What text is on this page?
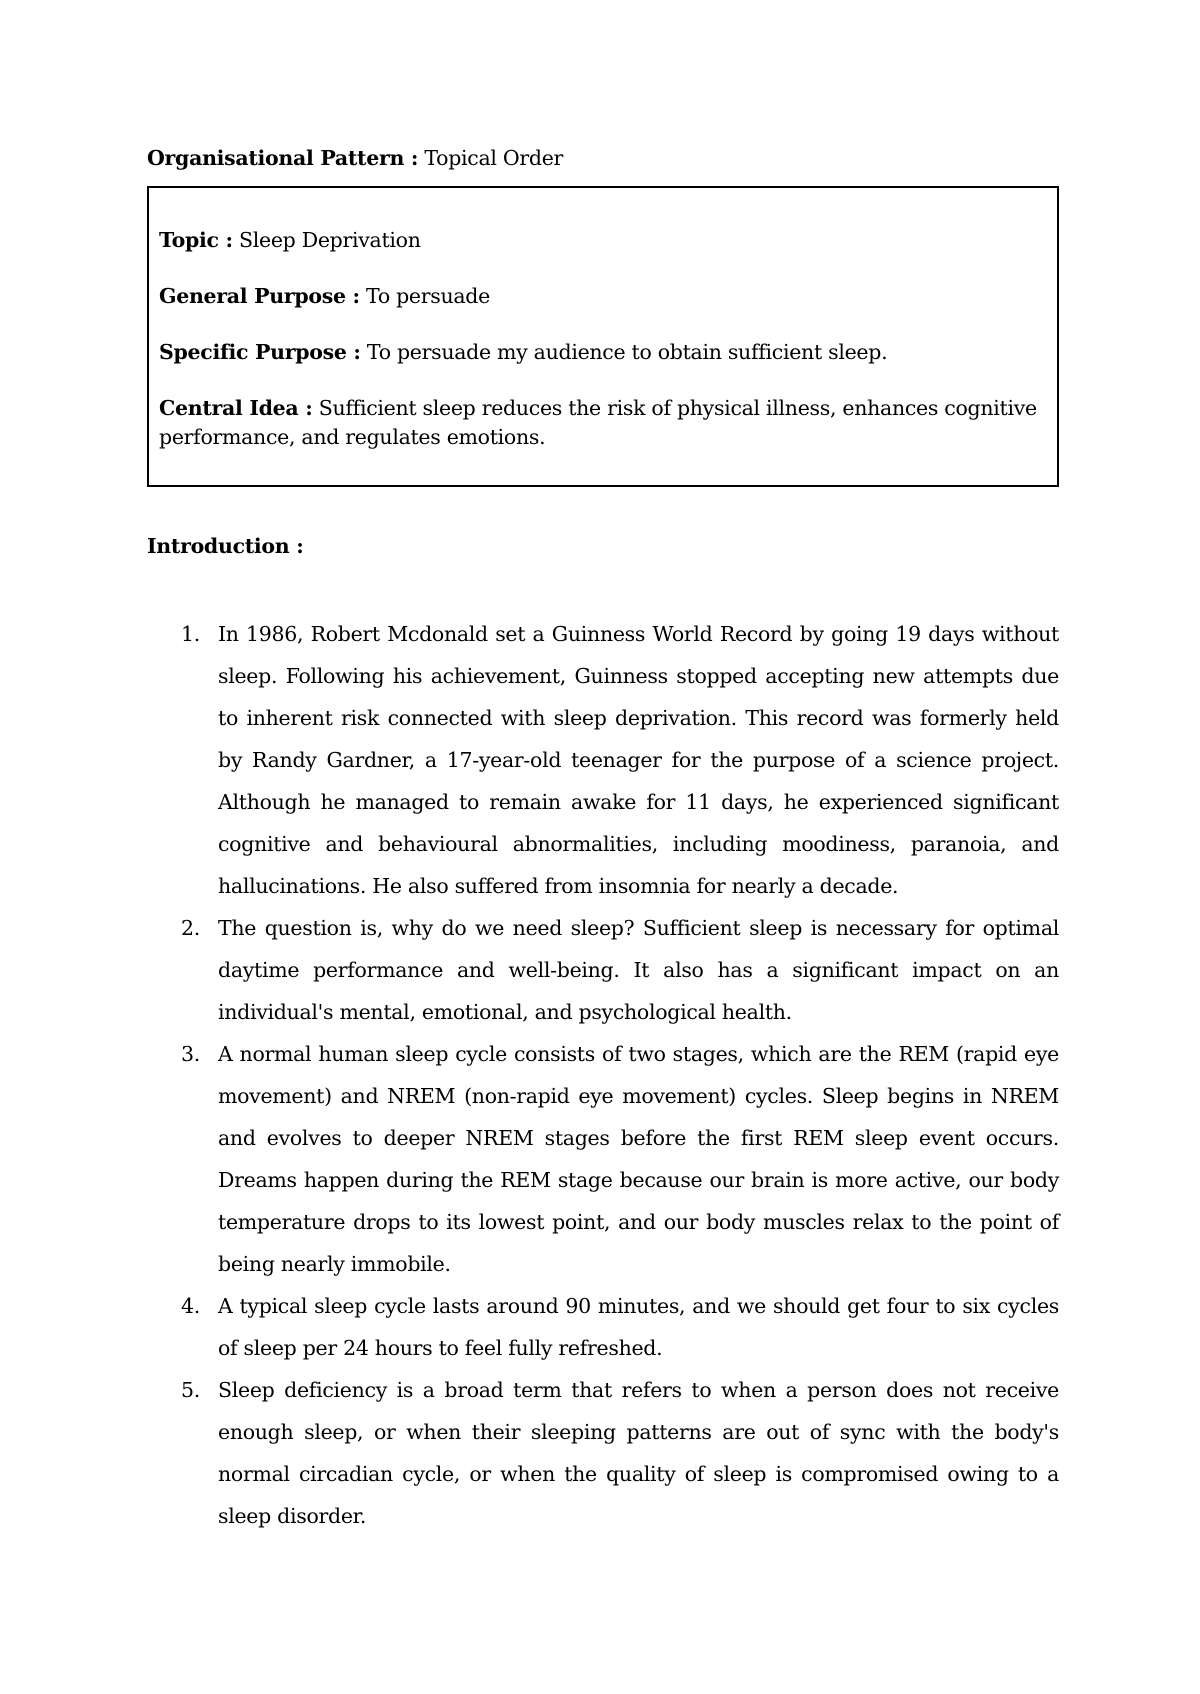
Organisational Pattern : Topical Order
Topic : Sleep Deprivation
General Purpose : To persuade
Specific Purpose : To persuade my audience to obtain sufficient sleep.
Central Idea : Sufficient sleep reduces the risk of physical illness, enhances cognitive performance, and regulates emotions.
Introduction :
1. In 1986, Robert Mcdonald set a Guinness World Record by going 19 days without sleep. Following his achievement, Guinness stopped accepting new attempts due to inherent risk connected with sleep deprivation. This record was formerly held by Randy Gardner, a 17-year-old teenager for the purpose of a science project. Although he managed to remain awake for 11 days, he experienced significant cognitive and behavioural abnormalities, including moodiness, paranoia, and hallucinations. He also suffered from insomnia for nearly a decade.
2. The question is, why do we need sleep? Sufficient sleep is necessary for optimal daytime performance and well-being. It also has a significant impact on an individual's mental, emotional, and psychological health.
3. A normal human sleep cycle consists of two stages, which are the REM (rapid eye movement) and NREM (non-rapid eye movement) cycles. Sleep begins in NREM and evolves to deeper NREM stages before the first REM sleep event occurs. Dreams happen during the REM stage because our brain is more active, our body temperature drops to its lowest point, and our body muscles relax to the point of being nearly immobile.
4. A typical sleep cycle lasts around 90 minutes, and we should get four to six cycles of sleep per 24 hours to feel fully refreshed.
5. Sleep deficiency is a broad term that refers to when a person does not receive enough sleep, or when their sleeping patterns are out of sync with the body's normal circadian cycle, or when the quality of sleep is compromised owing to a sleep disorder.
